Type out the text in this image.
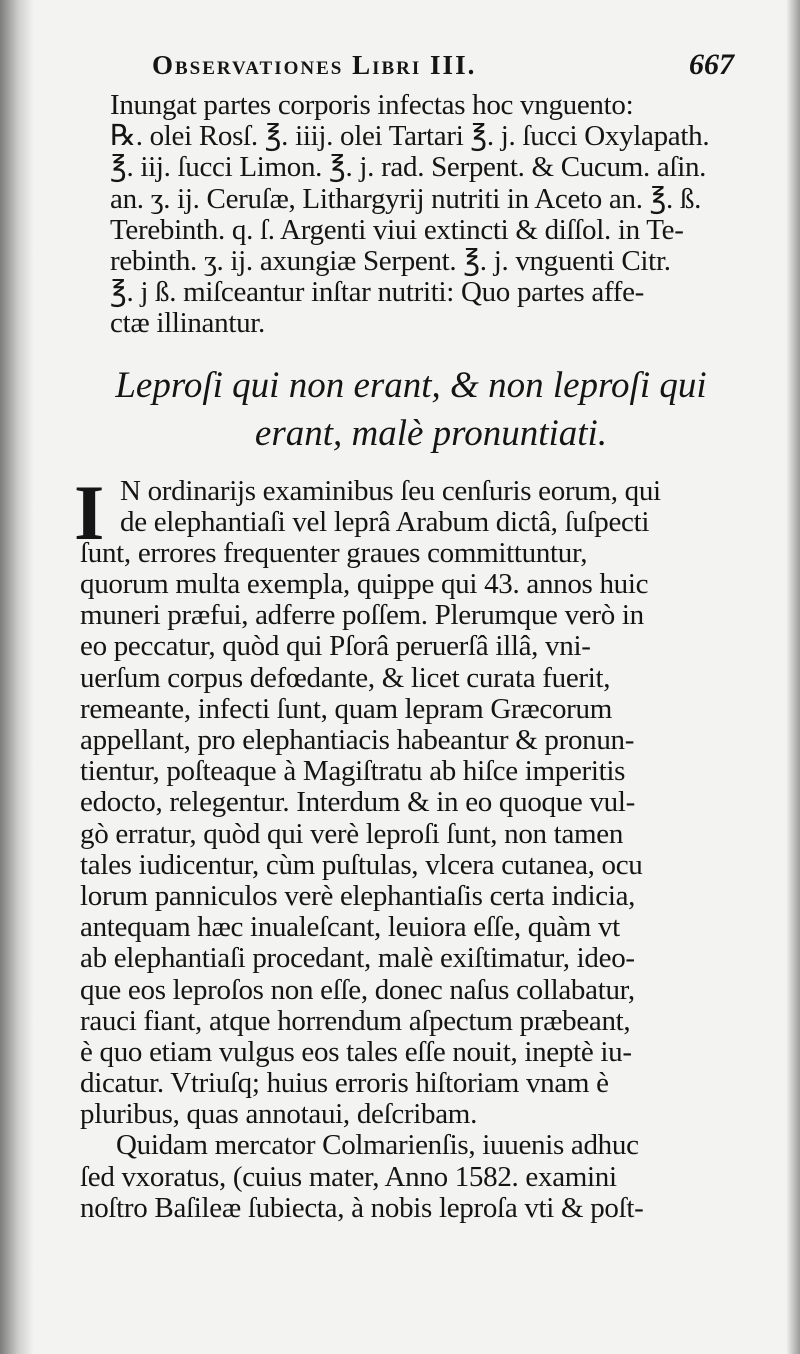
Observationes Libri III.	667
Inungat partes corporis infectas hoc vnguento:
℞. olei Rosſ. ℥. iiij. olei Tartari ℥. j. ſucci Oxylapath.
℥. iij. ſucci Limon. ℥. j. rad. Serpent. & Cucum. aſin.
an. ʒ. ij. Ceruſæ, Lithargyrij nutriti in Aceto an. ℥. ß.
Terebinth. q. ſ. Argenti viui extincti & diſſol. in Te-
rebinth. ʒ. ij. axungiæ Serpent. ℥. j. vnguenti Citr.
℥. j ß. miſceantur inſtar nutriti: Quo partes affe-
ctæ illinantur.
Leproſi qui non erant, & non leproſi qui
erant, malè pronuntiati.
I N ordinarijs examinibus ſeu cenſuris eorum, qui
de elephantiaſi vel leprâ Arabum dictâ, ſuſpecti
ſunt, errores frequenter graues committuntur,
quorum multa exempla, quippe qui 43. annos huic
muneri præfui, adferre poſſem. Plerumque verò in
eo peccatur, quòd qui Pſorâ peruerſâ illâ, vni-
uerſum corpus defœdante, & licet curata fuerit,
remeante, infecti ſunt, quam lepram Græcorum
appellant, pro elephantiacis habeantur & pronun-
tientur, poſteaque à Magiſtratu ab hiſce imperitis
edocto, relegentur. Interdum & in eo quoque vul-
gò erratur, quòd qui verè leproſi ſunt, non tamen
tales iudicentur, cùm puſtulas, vlcera cutanea, ocu
lorum panniculos verè elephantiaſis certa indicia,
antequam hæc inualeſcant, leuiora eſſe, quàm vt
ab elephantiaſi procedant, malè exiſtimatur, ideo-
que eos leproſos non eſſe, donec naſus collabatur,
rauci fiant, atque horrendum aſpectum præbeant,
è quo etiam vulgus eos tales eſſe nouit, ineptè iu-
dicatur. Vtriuſq; huius erroris hiſtoriam vnam è
pluribus, quas annotaui, deſcribam.
Quidam mercator Colmarienſis, iuuenis adhuc
ſed vxoratus, (cuius mater, Anno 1582. examini
noſtro Baſileæ ſubiecta, à nobis leproſa vti & poſt-
